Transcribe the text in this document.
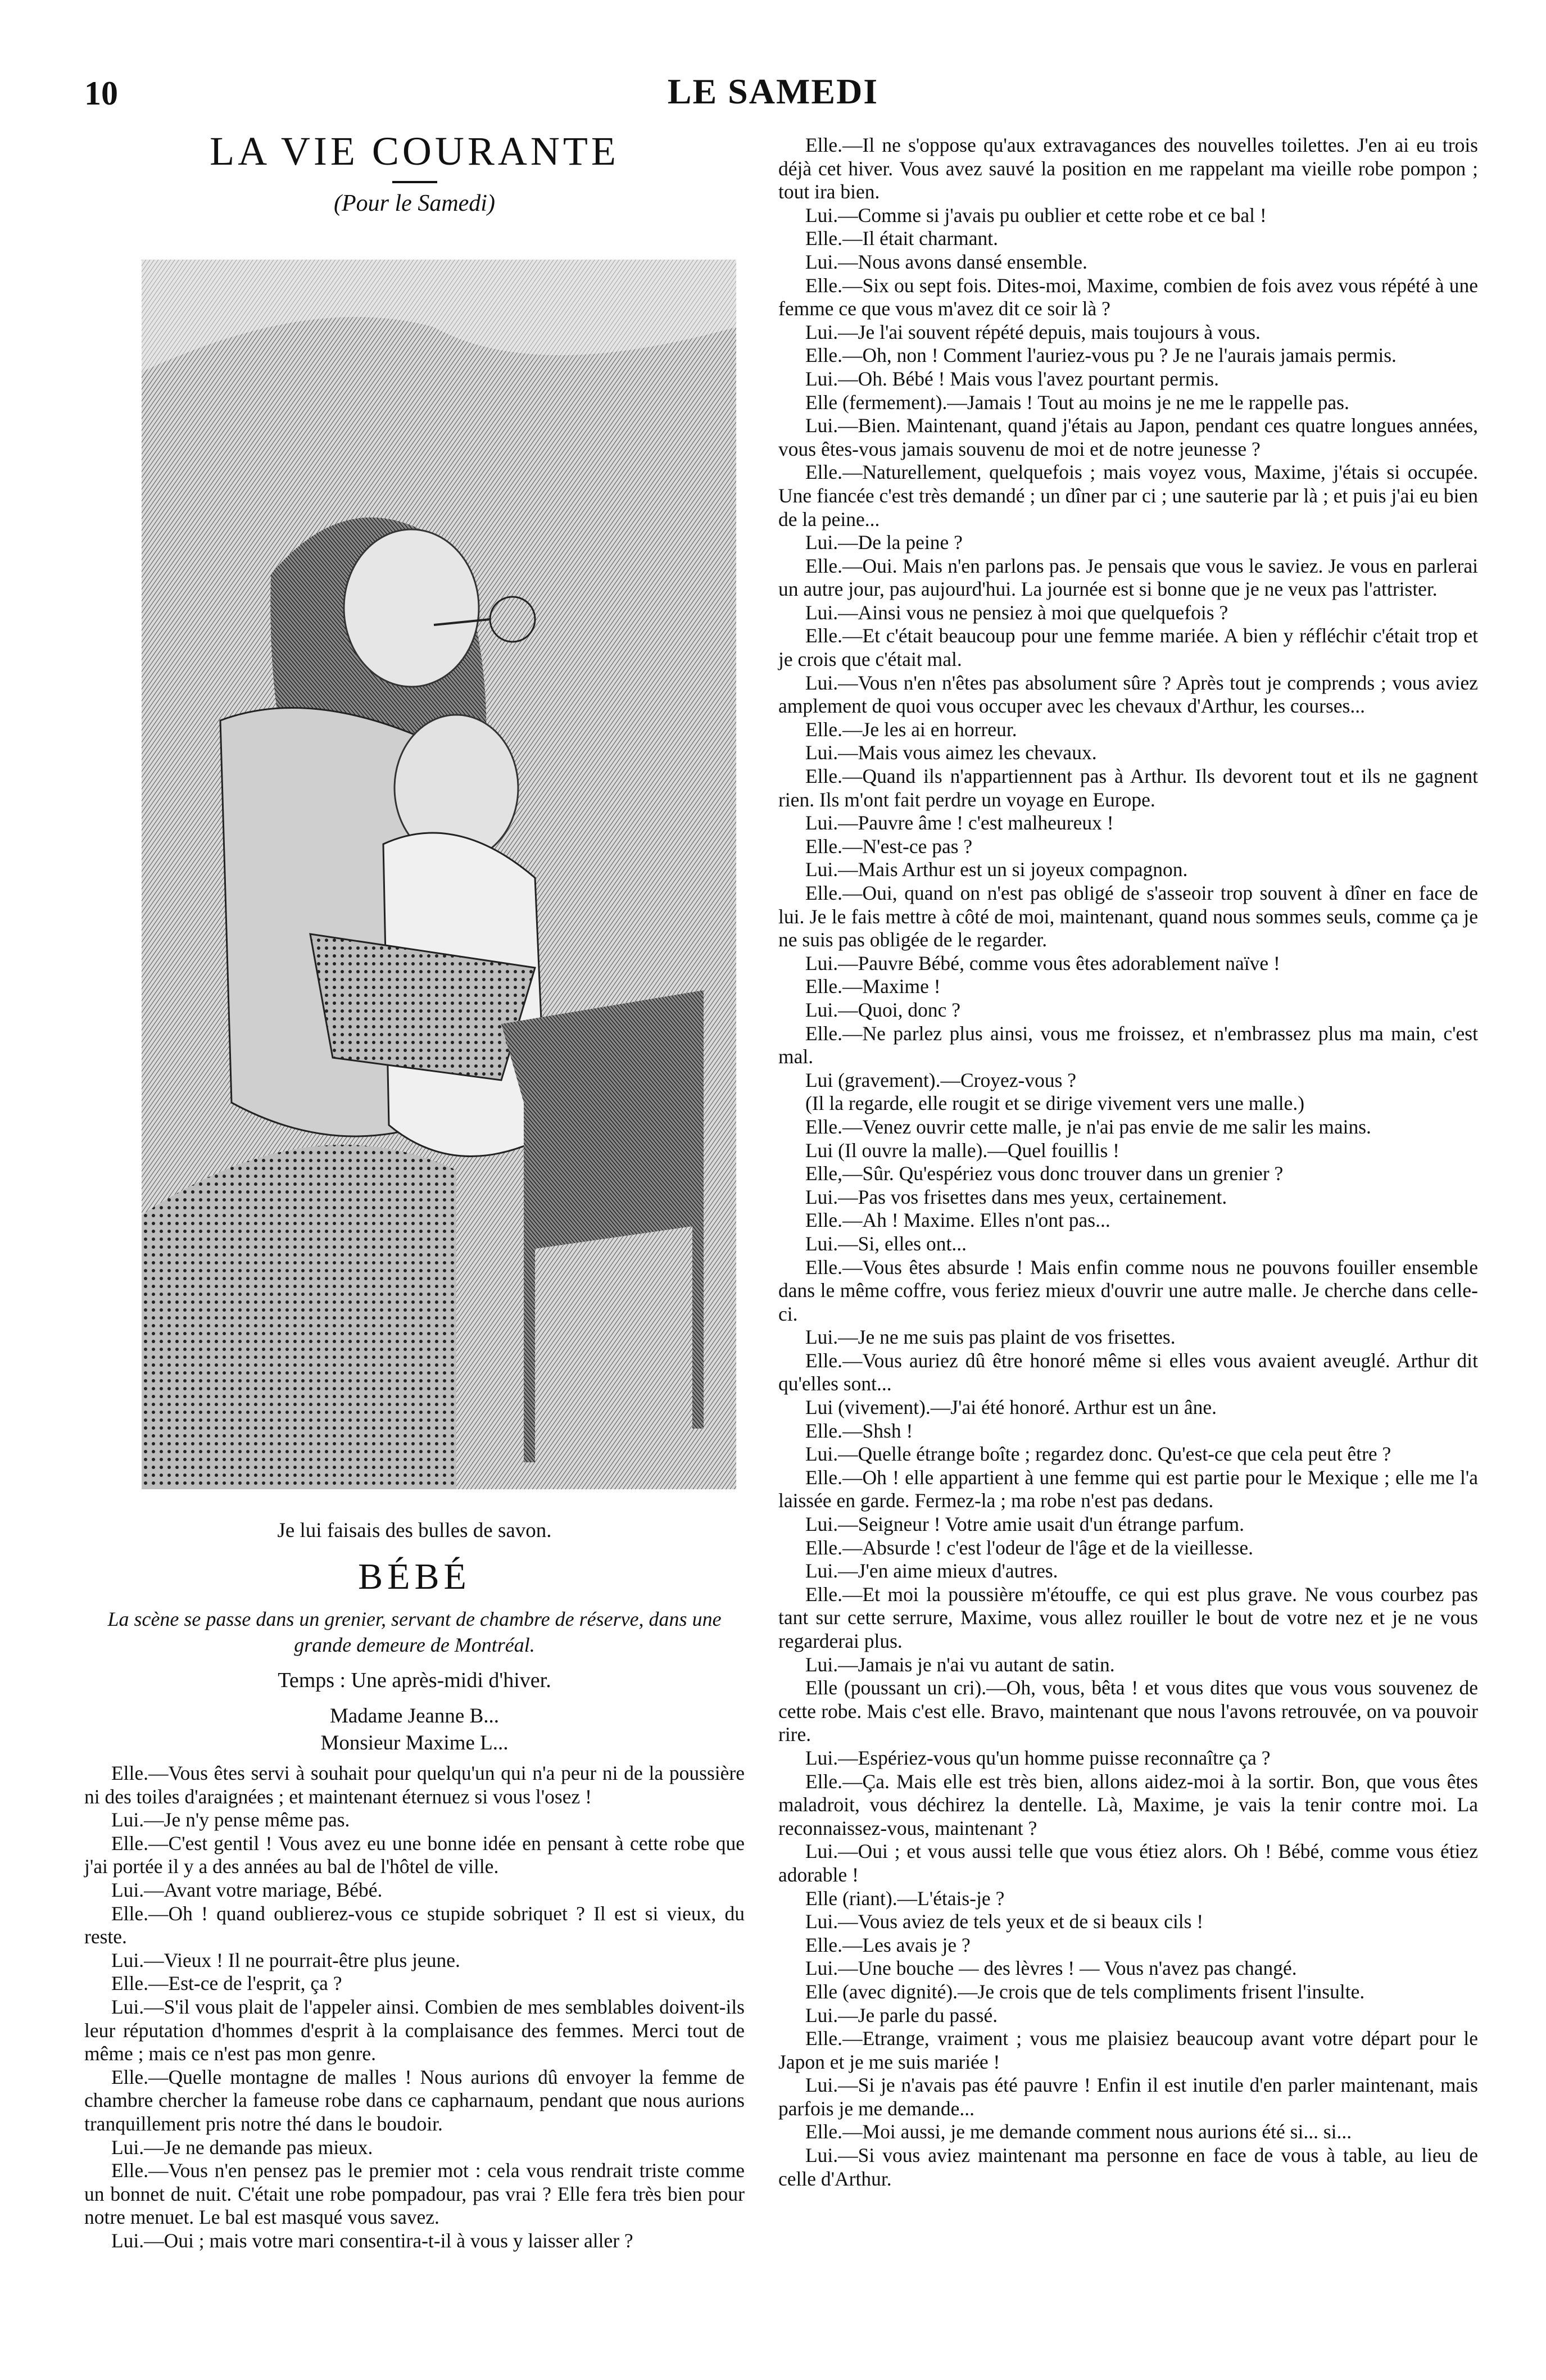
10	LE SAMEDI
LA VIE COURANTE
(Pour le Samedi)
Je lui faisais des bulles de savon.
BÉBÉ
La scène se passe dans un grenier, servant de chambre de réserve, dans une grande demeure de Montréal.
Temps : Une après-midi d'hiver.
Madame Jeanne B...
Monsieur Maxime L...

Elle.—Vous êtes servi à souhait pour quelqu'un qui n'a peur ni de la poussière ni des toiles d'araignées ; et maintenant éternuez si vous l'osez !

Lui.—Je n'y pense même pas.

Elle.—C'est gentil ! Vous avez eu une bonne idée en pensant à cette robe que j'ai portée il y a des années au bal de l'hôtel de ville.

Lui.—Avant votre mariage, Bébé.

Elle.—Oh ! quand oublierez-vous ce stupide sobriquet ? Il est si vieux, du reste.

Lui.—Vieux ! Il ne pourrait-être plus jeune.

Elle.—Est-ce de l'esprit, ça ?

Lui.—S'il vous plait de l'appeler ainsi. Combien de mes semblables doivent-ils leur réputation d'hommes d'esprit à la complaisance des femmes. Merci tout de même ; mais ce n'est pas mon genre.

Elle.—Quelle montagne de malles ! Nous aurions dû envoyer la femme de chambre chercher la fameuse robe dans ce capharnaum, pendant que nous aurions tranquillement pris notre thé dans le boudoir.

Lui.—Je ne demande pas mieux.

Elle.—Vous n'en pensez pas le premier mot : cela vous rendrait triste comme un bonnet de nuit. C'était une robe pompadour, pas vrai ? Elle fera très bien pour notre menuet. Le bal est masqué vous savez.

Lui.—Oui ; mais votre mari consentira-t-il à vous y laisser aller ?

Elle.—Il ne s'oppose qu'aux extravagances des nouvelles toilettes. J'en ai eu trois déjà cet hiver. Vous avez sauvé la position en me rappelant ma vieille robe pompon ; tout ira bien.

Lui.—Comme si j'avais pu oublier et cette robe et ce bal !

Elle.—Il était charmant.

Lui.—Nous avons dansé ensemble.

Elle.—Six ou sept fois. Dites-moi, Maxime, combien de fois avez vous répété à une femme ce que vous m'avez dit ce soir là ?

Lui.—Je l'ai souvent répété depuis, mais toujours à vous.

Elle.—Oh, non ! Comment l'auriez-vous pu ? Je ne l'aurais jamais permis.

Lui.—Oh. Bébé ! Mais vous l'avez pourtant permis.

Elle (fermement).—Jamais ! Tout au moins je ne me le rappelle pas.

Lui.—Bien. Maintenant, quand j'étais au Japon, pendant ces quatre longues années, vous êtes-vous jamais souvenu de moi et de notre jeunesse ?

Elle.—Naturellement, quelquefois ; mais voyez vous, Maxime, j'étais si occupée. Une fiancée c'est très demandé ; un dîner par ci ; une sauterie par là ; et puis j'ai eu bien de la peine...

Lui.—De la peine ?

Elle.—Oui. Mais n'en parlons pas. Je pensais que vous le saviez. Je vous en parlerai un autre jour, pas aujourd'hui. La journée est si bonne que je ne veux pas l'attrister.

Lui.—Ainsi vous ne pensiez à moi que quelquefois ?

Elle.—Et c'était beaucoup pour une femme mariée. A bien y réfléchir c'était trop et je crois que c'était mal.

Lui.—Vous n'en n'êtes pas absolument sûre ? Après tout je comprends ; vous aviez amplement de quoi vous occuper avec les chevaux d'Arthur, les courses...

Elle.—Je les ai en horreur.

Lui.—Mais vous aimez les chevaux.

Elle.—Quand ils n'appartiennent pas à Arthur. Ils devorent tout et ils ne gagnent rien. Ils m'ont fait perdre un voyage en Europe.

Lui.—Pauvre âme ! c'est malheureux !

Elle.—N'est-ce pas ?

Lui.—Mais Arthur est un si joyeux compagnon.

Elle.—Oui, quand on n'est pas obligé de s'asseoir trop souvent à dîner en face de lui. Je le fais mettre à côté de moi, maintenant, quand nous sommes seuls, comme ça je ne suis pas obligée de le regarder.

Lui.—Pauvre Bébé, comme vous êtes adorablement naïve !

Elle.—Maxime !

Lui.—Quoi, donc ?

Elle.—Ne parlez plus ainsi, vous me froissez, et n'embrassez plus ma main, c'est mal.

Lui (gravement).—Croyez-vous ?

(Il la regarde, elle rougit et se dirige vivement vers une malle.)

Elle.—Venez ouvrir cette malle, je n'ai pas envie de me salir les mains.

Lui (Il ouvre la malle).—Quel fouillis !

Elle,—Sûr. Qu'espériez vous donc trouver dans un grenier ?

Lui.—Pas vos frisettes dans mes yeux, certainement.

Elle.—Ah ! Maxime. Elles n'ont pas...

Lui.—Si, elles ont...

Elle.—Vous êtes absurde ! Mais enfin comme nous ne pouvons fouiller ensemble dans le même coffre, vous feriez mieux d'ouvrir une autre malle. Je cherche dans celle-ci.

Lui.—Je ne me suis pas plaint de vos frisettes.

Elle.—Vous auriez dû être honoré même si elles vous avaient aveuglé. Arthur dit qu'elles sont...

Lui (vivement).—J'ai été honoré. Arthur est un âne.

Elle.—Shsh !

Lui.—Quelle étrange boîte ; regardez donc. Qu'est-ce que cela peut être ?

Elle.—Oh ! elle appartient à une femme qui est partie pour le Mexique ; elle me l'a laissée en garde. Fermez-la ; ma robe n'est pas dedans.

Lui.—Seigneur ! Votre amie usait d'un étrange parfum.

Elle.—Absurde ! c'est l'odeur de l'âge et de la vieillesse.

Lui.—J'en aime mieux d'autres.

Elle.—Et moi la poussière m'étouffe, ce qui est plus grave. Ne vous courbez pas tant sur cette serrure, Maxime, vous allez rouiller le bout de votre nez et je ne vous regarderai plus.

Lui.—Jamais je n'ai vu autant de satin.

Elle (poussant un cri).—Oh, vous, bêta ! et vous dites que vous vous souvenez de cette robe. Mais c'est elle. Bravo, maintenant que nous l'avons retrouvée, on va pouvoir rire.

Lui.—Espériez-vous qu'un homme puisse reconnaître ça ?

Elle.—Ça. Mais elle est très bien, allons aidez-moi à la sortir. Bon, que vous êtes maladroit, vous déchirez la dentelle. Là, Maxime, je vais la tenir contre moi. La reconnaissez-vous, maintenant ?

Lui.—Oui ; et vous aussi telle que vous étiez alors. Oh ! Bébé, comme vous étiez adorable !

Elle (riant).—L'étais-je ?

Lui.—Vous aviez de tels yeux et de si beaux cils !

Elle.—Les avais je ?

Lui.—Une bouche — des lèvres ! — Vous n'avez pas changé.

Elle (avec dignité).—Je crois que de tels compliments frisent l'insulte.

Lui.—Je parle du passé.

Elle.—Etrange, vraiment ; vous me plaisiez beaucoup avant votre départ pour le Japon et je me suis mariée !

Lui.—Si je n'avais pas été pauvre ! Enfin il est inutile d'en parler maintenant, mais parfois je me demande...

Elle.—Moi aussi, je me demande comment nous aurions été si... si...

Lui.—Si vous aviez maintenant ma personne en face de vous à table, au lieu de celle d'Arthur.
